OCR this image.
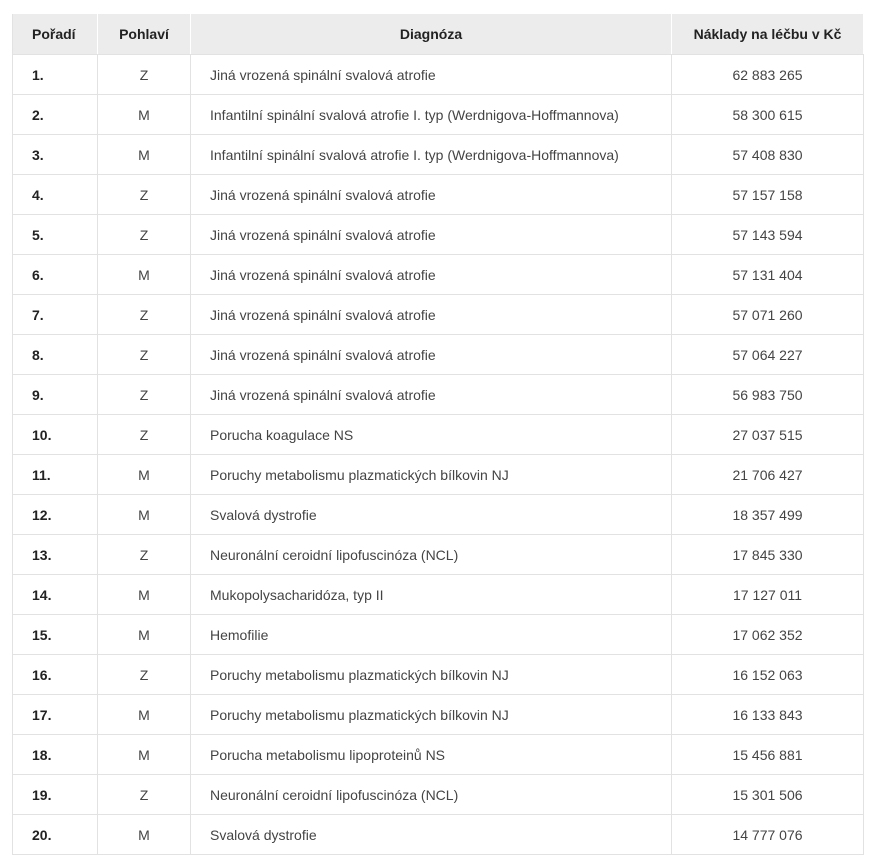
Pořadí	Pohlaví	Diagnóza	Náklady na léčbu v Kč
1.	Z	Jiná vrozená spinální svalová atrofie	62 883 265
2.	M	Infantilní spinální svalová atrofie I. typ (Werdnigova-Hoffmannova)	58 300 615
3.	M	Infantilní spinální svalová atrofie I. typ (Werdnigova-Hoffmannova)	57 408 830
4.	Z	Jiná vrozená spinální svalová atrofie	57 157 158
5.	Z	Jiná vrozená spinální svalová atrofie	57 143 594
6.	M	Jiná vrozená spinální svalová atrofie	57 131 404
7.	Z	Jiná vrozená spinální svalová atrofie	57 071 260
8.	Z	Jiná vrozená spinální svalová atrofie	57 064 227
9.	Z	Jiná vrozená spinální svalová atrofie	56 983 750
10.	Z	Porucha koagulace NS	27 037 515
11.	M	Poruchy metabolismu plazmatických bílkovin NJ	21 706 427
12.	M	Svalová dystrofie	18 357 499
13.	Z	Neuronální ceroidní lipofuscinóza (NCL)	17 845 330
14.	M	Mukopolysacharidóza, typ II	17 127 011
15.	M	Hemofilie	17 062 352
16.	Z	Poruchy metabolismu plazmatických bílkovin NJ	16 152 063
17.	M	Poruchy metabolismu plazmatických bílkovin NJ	16 133 843
18.	M	Porucha metabolismu lipoproteinů NS	15 456 881
19.	Z	Neuronální ceroidní lipofuscinóza (NCL)	15 301 506
20.	M	Svalová dystrofie	14 777 076
